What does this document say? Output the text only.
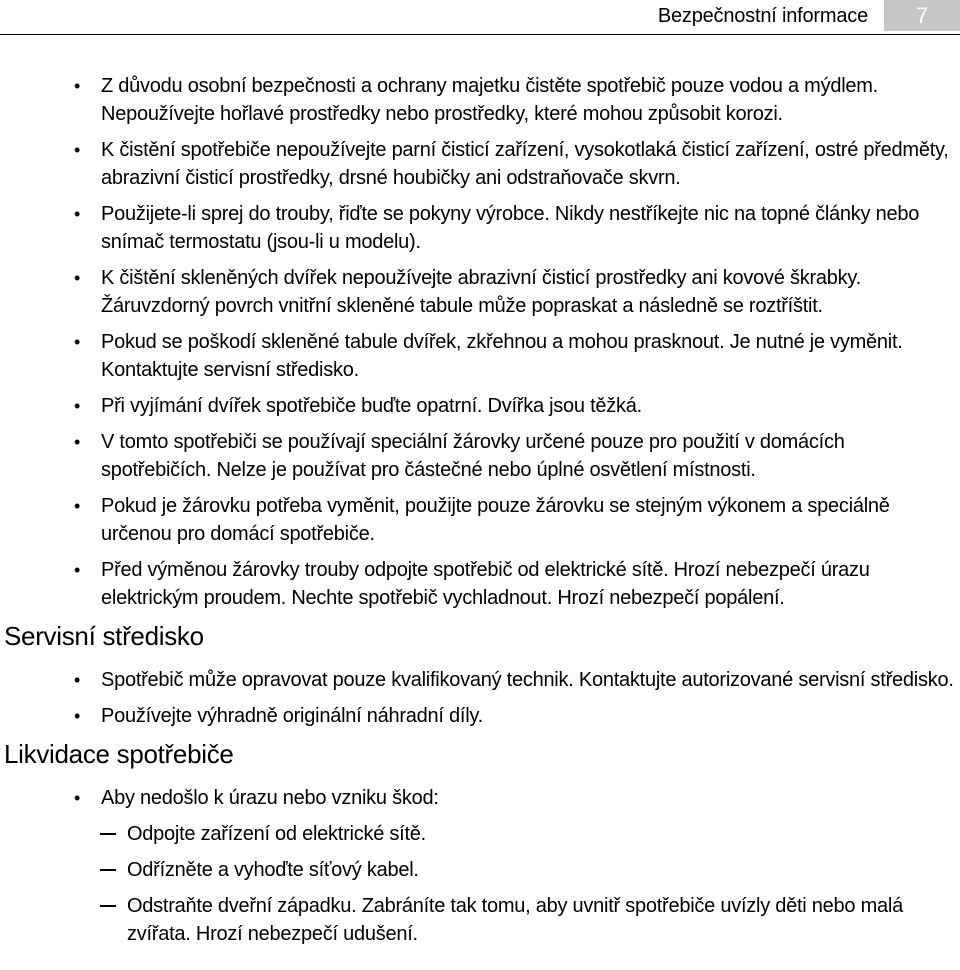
Bezpečnostní informace	7
• Z důvodu osobní bezpečnosti a ochrany majetku čistěte spotřebič pouze vodou a mýdlem. Nepoužívejte hořlavé prostředky nebo prostředky, které mohou způsobit korozi.
• K čistění spotřebiče nepoužívejte parní čisticí zařízení, vysokotlaká čisticí zařízení, ostré předměty, abrazivní čisticí prostředky, drsné houbičky ani odstraňovače skvrn.
• Použijete-li sprej do trouby, řiďte se pokyny výrobce. Nikdy nestříkejte nic na topné články nebo snímač termostatu (jsou-li u modelu).
• K čištění skleněných dvířek nepoužívejte abrazivní čisticí prostředky ani kovové škrabky. Žáruvzdorný povrch vnitřní skleněné tabule může popraskat a následně se roztříštit.
• Pokud se poškodí skleněné tabule dvířek, zkřehnou a mohou prasknout. Je nutné je vyměnit. Kontaktujte servisní středisko.
• Při vyjímání dvířek spotřebiče buďte opatrní. Dvířka jsou těžká.
• V tomto spotřebiči se používají speciální žárovky určené pouze pro použití v domácích spotřebičích. Nelze je používat pro částečné nebo úplné osvětlení místnosti.
• Pokud je žárovku potřeba vyměnit, použijte pouze žárovku se stejným výkonem a speciálně určenou pro domácí spotřebiče.
• Před výměnou žárovky trouby odpojte spotřebič od elektrické sítě. Hrozí nebezpečí úrazu elektrickým proudem. Nechte spotřebič vychladnout. Hrozí nebezpečí popálení.
Servisní středisko
• Spotřebič může opravovat pouze kvalifikovaný technik. Kontaktujte autorizované servisní středisko.
• Používejte výhradně originální náhradní díly.
Likvidace spotřebiče
• Aby nedošlo k úrazu nebo vzniku škod:
Odpojte zařízení od elektrické sítě.
Odřízněte a vyhoďte síťový kabel.
Odstraňte dveřní západku. Zabráníte tak tomu, aby uvnitř spotřebiče uvízly děti nebo malá zvířata. Hrozí nebezpečí udušení.
